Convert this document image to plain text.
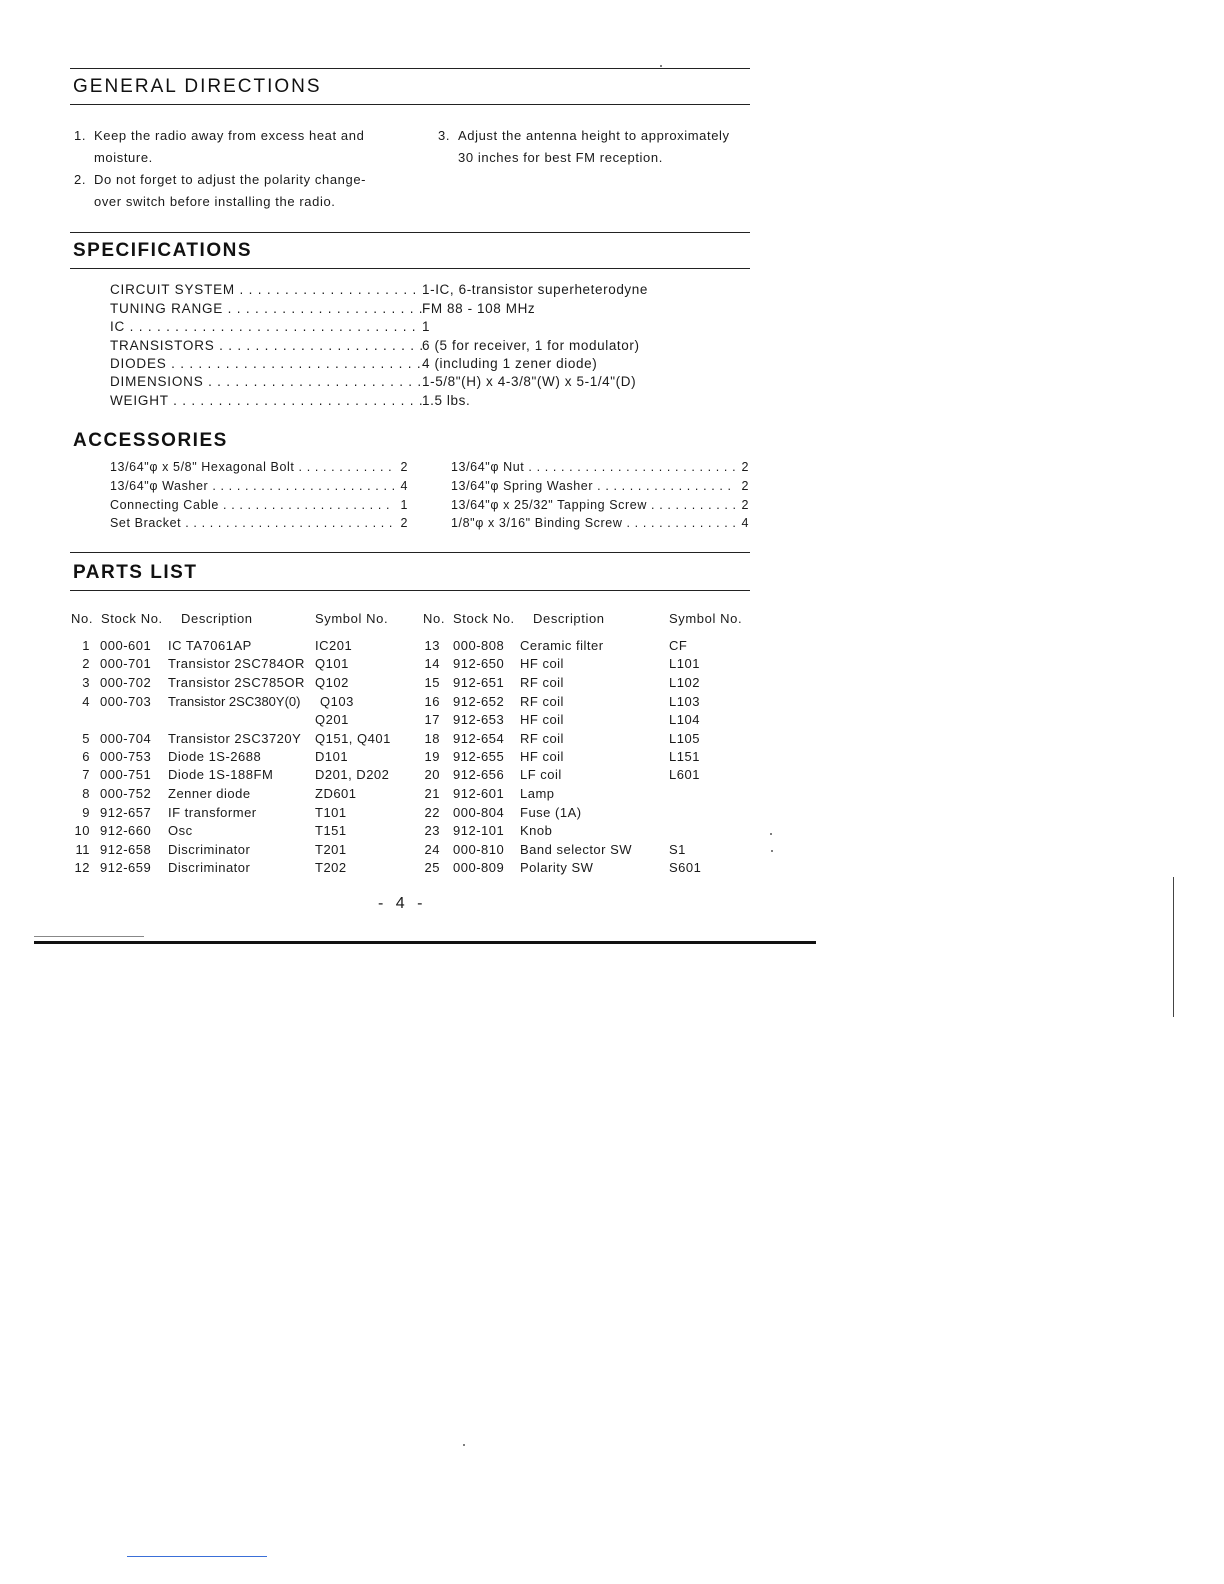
GENERAL DIRECTIONS
1. Keep the radio away from excess heat and
moisture.
2. Do not forget to adjust the polarity change-
over switch before installing the radio.
3. Adjust the antenna height to approximately
30 inches for best FM reception.
SPECIFICATIONS
CIRCUIT SYSTEM . . .	1-IC, 6-transistor superheterodyne
TUNING RANGE . . .	FM 88 - 108 MHz
IC . . .	1
TRANSISTORS . . .	6 (5 for receiver, 1 for modulator)
DIODES . . .	4 (including 1 zener diode)
DIMENSIONS . . .	1-5/8"(H) x 4-3/8"(W) x 5-1/4"(D)
WEIGHT . . .	1.5 lbs.
ACCESSORIES
13/64"φ x 5/8" Hexagonal Bolt . . .	2
13/64"φ Washer . . .	4
Connecting Cable . . .	1
Set Bracket . . .	2
13/64"φ Nut . . .	2
13/64"φ Spring Washer . . .	2
13/64"φ x 25/32" Tapping Screw . . .	2
1/8"φ x 3/16" Binding Screw . . .	4
PARTS LIST
No. Stock No. Description	Symbol No.	No. Stock No. Description	Symbol No.
1 000-601 IC TA7061AP	IC201
2 000-701 Transistor 2SC784OR Q101
3 000-702 Transistor 2SC785OR Q102
4 000-703 Transistor 2SC380Y(0) Q103
Q201
5 000-704 Transistor 2SC3720Y Q151, Q401
6 000-753 Diode 1S-2688	D101
7 000-751 Diode 1S-188FM	D201, D202
8 000-752 Zenner diode	ZD601
9 912-657 IF transformer	T101
10 912-660 Osc	T151
11 912-658 Discriminator	T201
12 912-659 Discriminator	T202
13 000-808 Ceramic filter	CF
14 912-650 HF coil	L101
15 912-651 RF coil	L102
16 912-652 RF coil	L103
17 912-653 HF coil	L104
18 912-654 RF coil	L105
19 912-655 HF coil	L151
20 912-656 LF coil	L601
21 912-601 Lamp
22 000-804 Fuse (1A)
23 912-101 Knob
24 000-810 Band selector SW	S1
25 000-809 Polarity SW	S601
- 4 -
